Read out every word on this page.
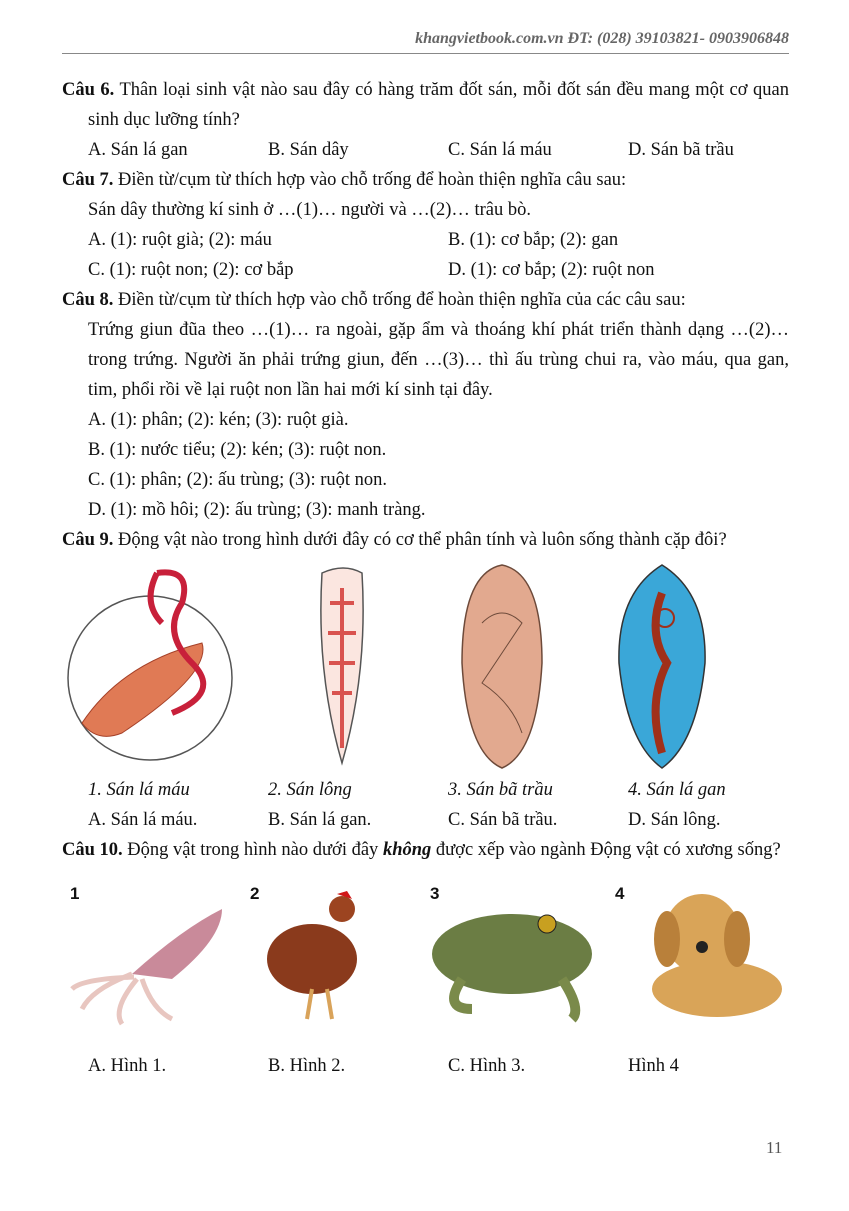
khangvietbook.com.vn ĐT: (028) 39103821- 0903906848
Câu 6. Thân loại sinh vật nào sau đây có hàng trăm đốt sán, mỗi đốt sán đều mang một cơ quan sinh dục lưỡng tính?
A. Sán lá gan	B. Sán dây	C. Sán lá máu	D. Sán bã trầu
Câu 7. Điền từ/cụm từ thích hợp vào chỗ trống để hoàn thiện nghĩa câu sau:
Sán dây thường kí sinh ở …(1)… người và …(2)… trâu bò.
A. (1): ruột già; (2): máu	B. (1): cơ bắp; (2): gan
C. (1): ruột non; (2): cơ bắp	D. (1): cơ bắp; (2): ruột non
Câu 8. Điền từ/cụm từ thích hợp vào chỗ trống để hoàn thiện nghĩa của các câu sau:
Trứng giun đũa theo …(1)… ra ngoài, gặp ẩm và thoáng khí phát triển thành dạng …(2)… trong trứng. Người ăn phải trứng giun, đến …(3)… thì ấu trùng chui ra, vào máu, qua gan, tim, phổi rồi về lại ruột non lần hai mới kí sinh tại đây.
A. (1): phân; (2): kén; (3): ruột già.
B. (1): nước tiểu; (2): kén; (3): ruột non.
C. (1): phân; (2): ấu trùng; (3): ruột non.
D. (1): mồ hôi; (2): ấu trùng; (3): manh tràng.
Câu 9. Động vật nào trong hình dưới đây có cơ thể phân tính và luôn sống thành cặp đôi?
1. Sán lá máu	2. Sán lông	3. Sán bã trầu	4. Sán lá gan
A. Sán lá máu.	B. Sán lá gan.	C. Sán bã trầu.	D. Sán lông.
Câu 10. Động vật trong hình nào dưới đây không được xếp vào ngành Động vật có xương sống?
1	2	3	4
A. Hình 1.	B. Hình 2.	C. Hình 3.	Hình 4
11
